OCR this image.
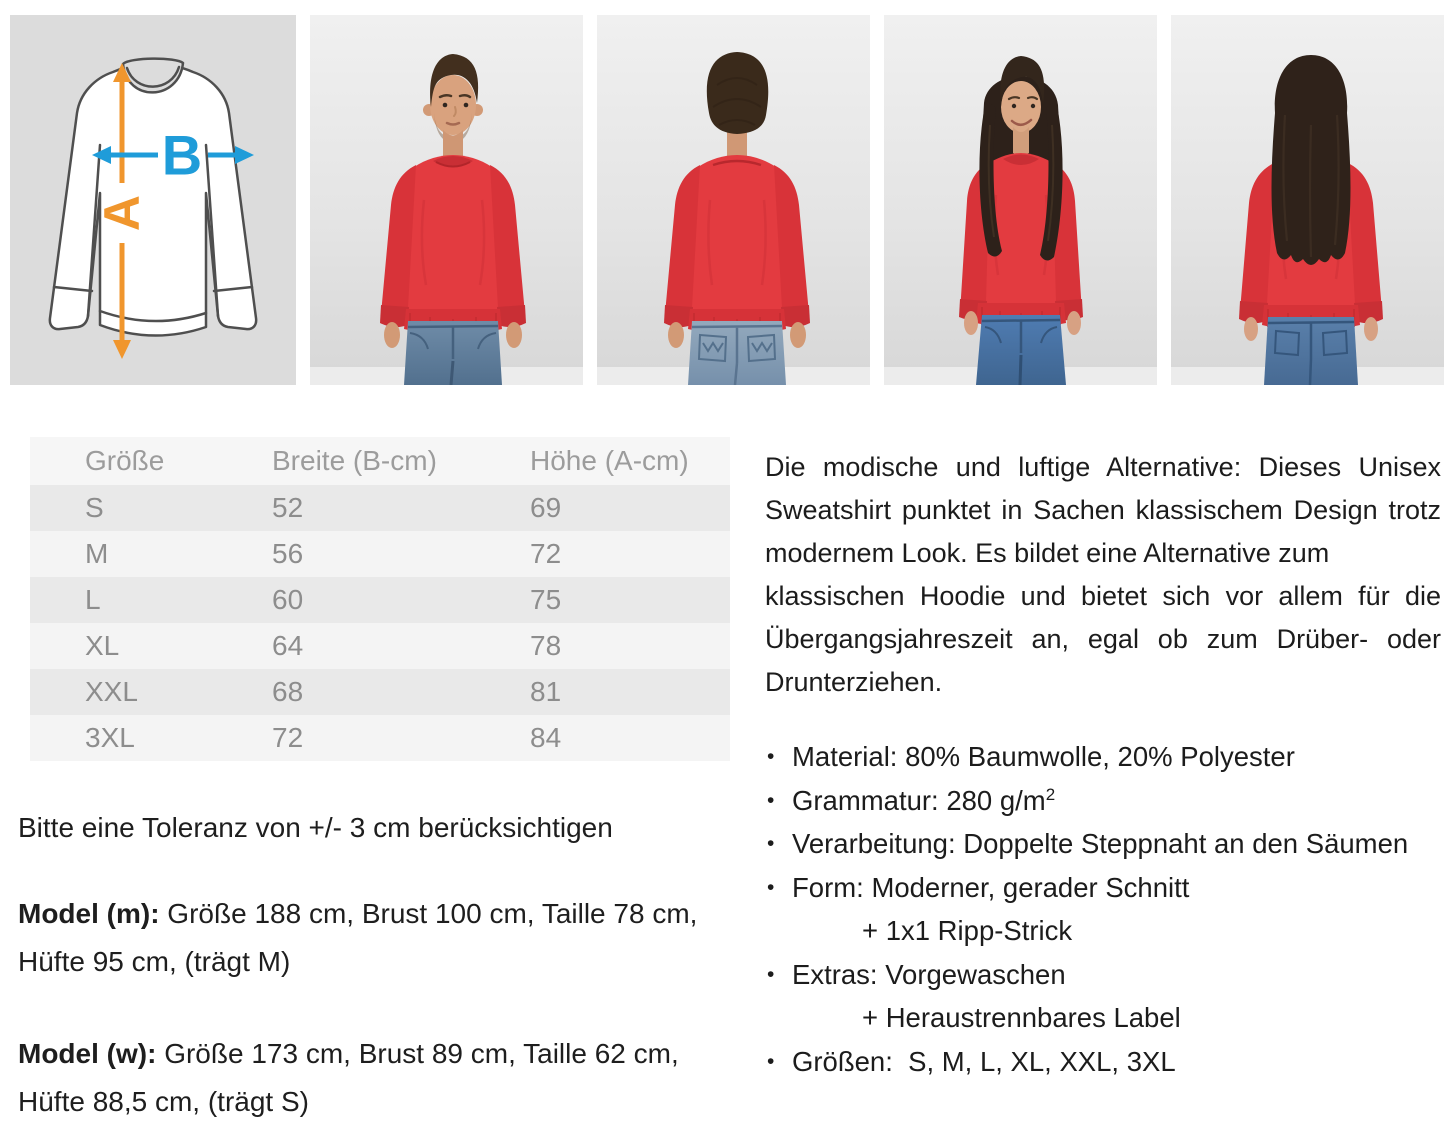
A
B
Größe	Breite (B-cm)	Höhe (A-cm)
S	52	69
M	56	72
L	60	75
XL	64	78
XXL	68	81
3XL	72	84
Bitte eine Toleranz von +/- 3 cm berücksichtigen
Model (m): Größe 188 cm, Brust 100 cm, Taille 78 cm, Hüfte 95 cm, (trägt M)
Model (w): Größe 173 cm, Brust 89 cm, Taille 62 cm, Hüfte 88,5 cm, (trägt S)
Die modische und luftige Alternative: Dieses Unisex
Sweatshirt punktet in Sachen klassischem Design trotz
modernem Look. Es bildet eine Alternative zum
klassischen Hoodie und bietet sich vor allem für die
Übergangsjahreszeit an, egal ob zum Drüber- oder
Drunterziehen.
• Material: 80% Baumwolle, 20% Polyester
• Grammatur: 280 $g/m^2$
• Verarbeitung: Doppelte Steppnaht an den Säumen
• Form: Moderner, gerader Schnitt
+ 1x1 Ripp-Strick
• Extras: Vorgewaschen
+ Heraustrennbares Label
• Größen:  S, M, L, XL, XXL, 3XL
